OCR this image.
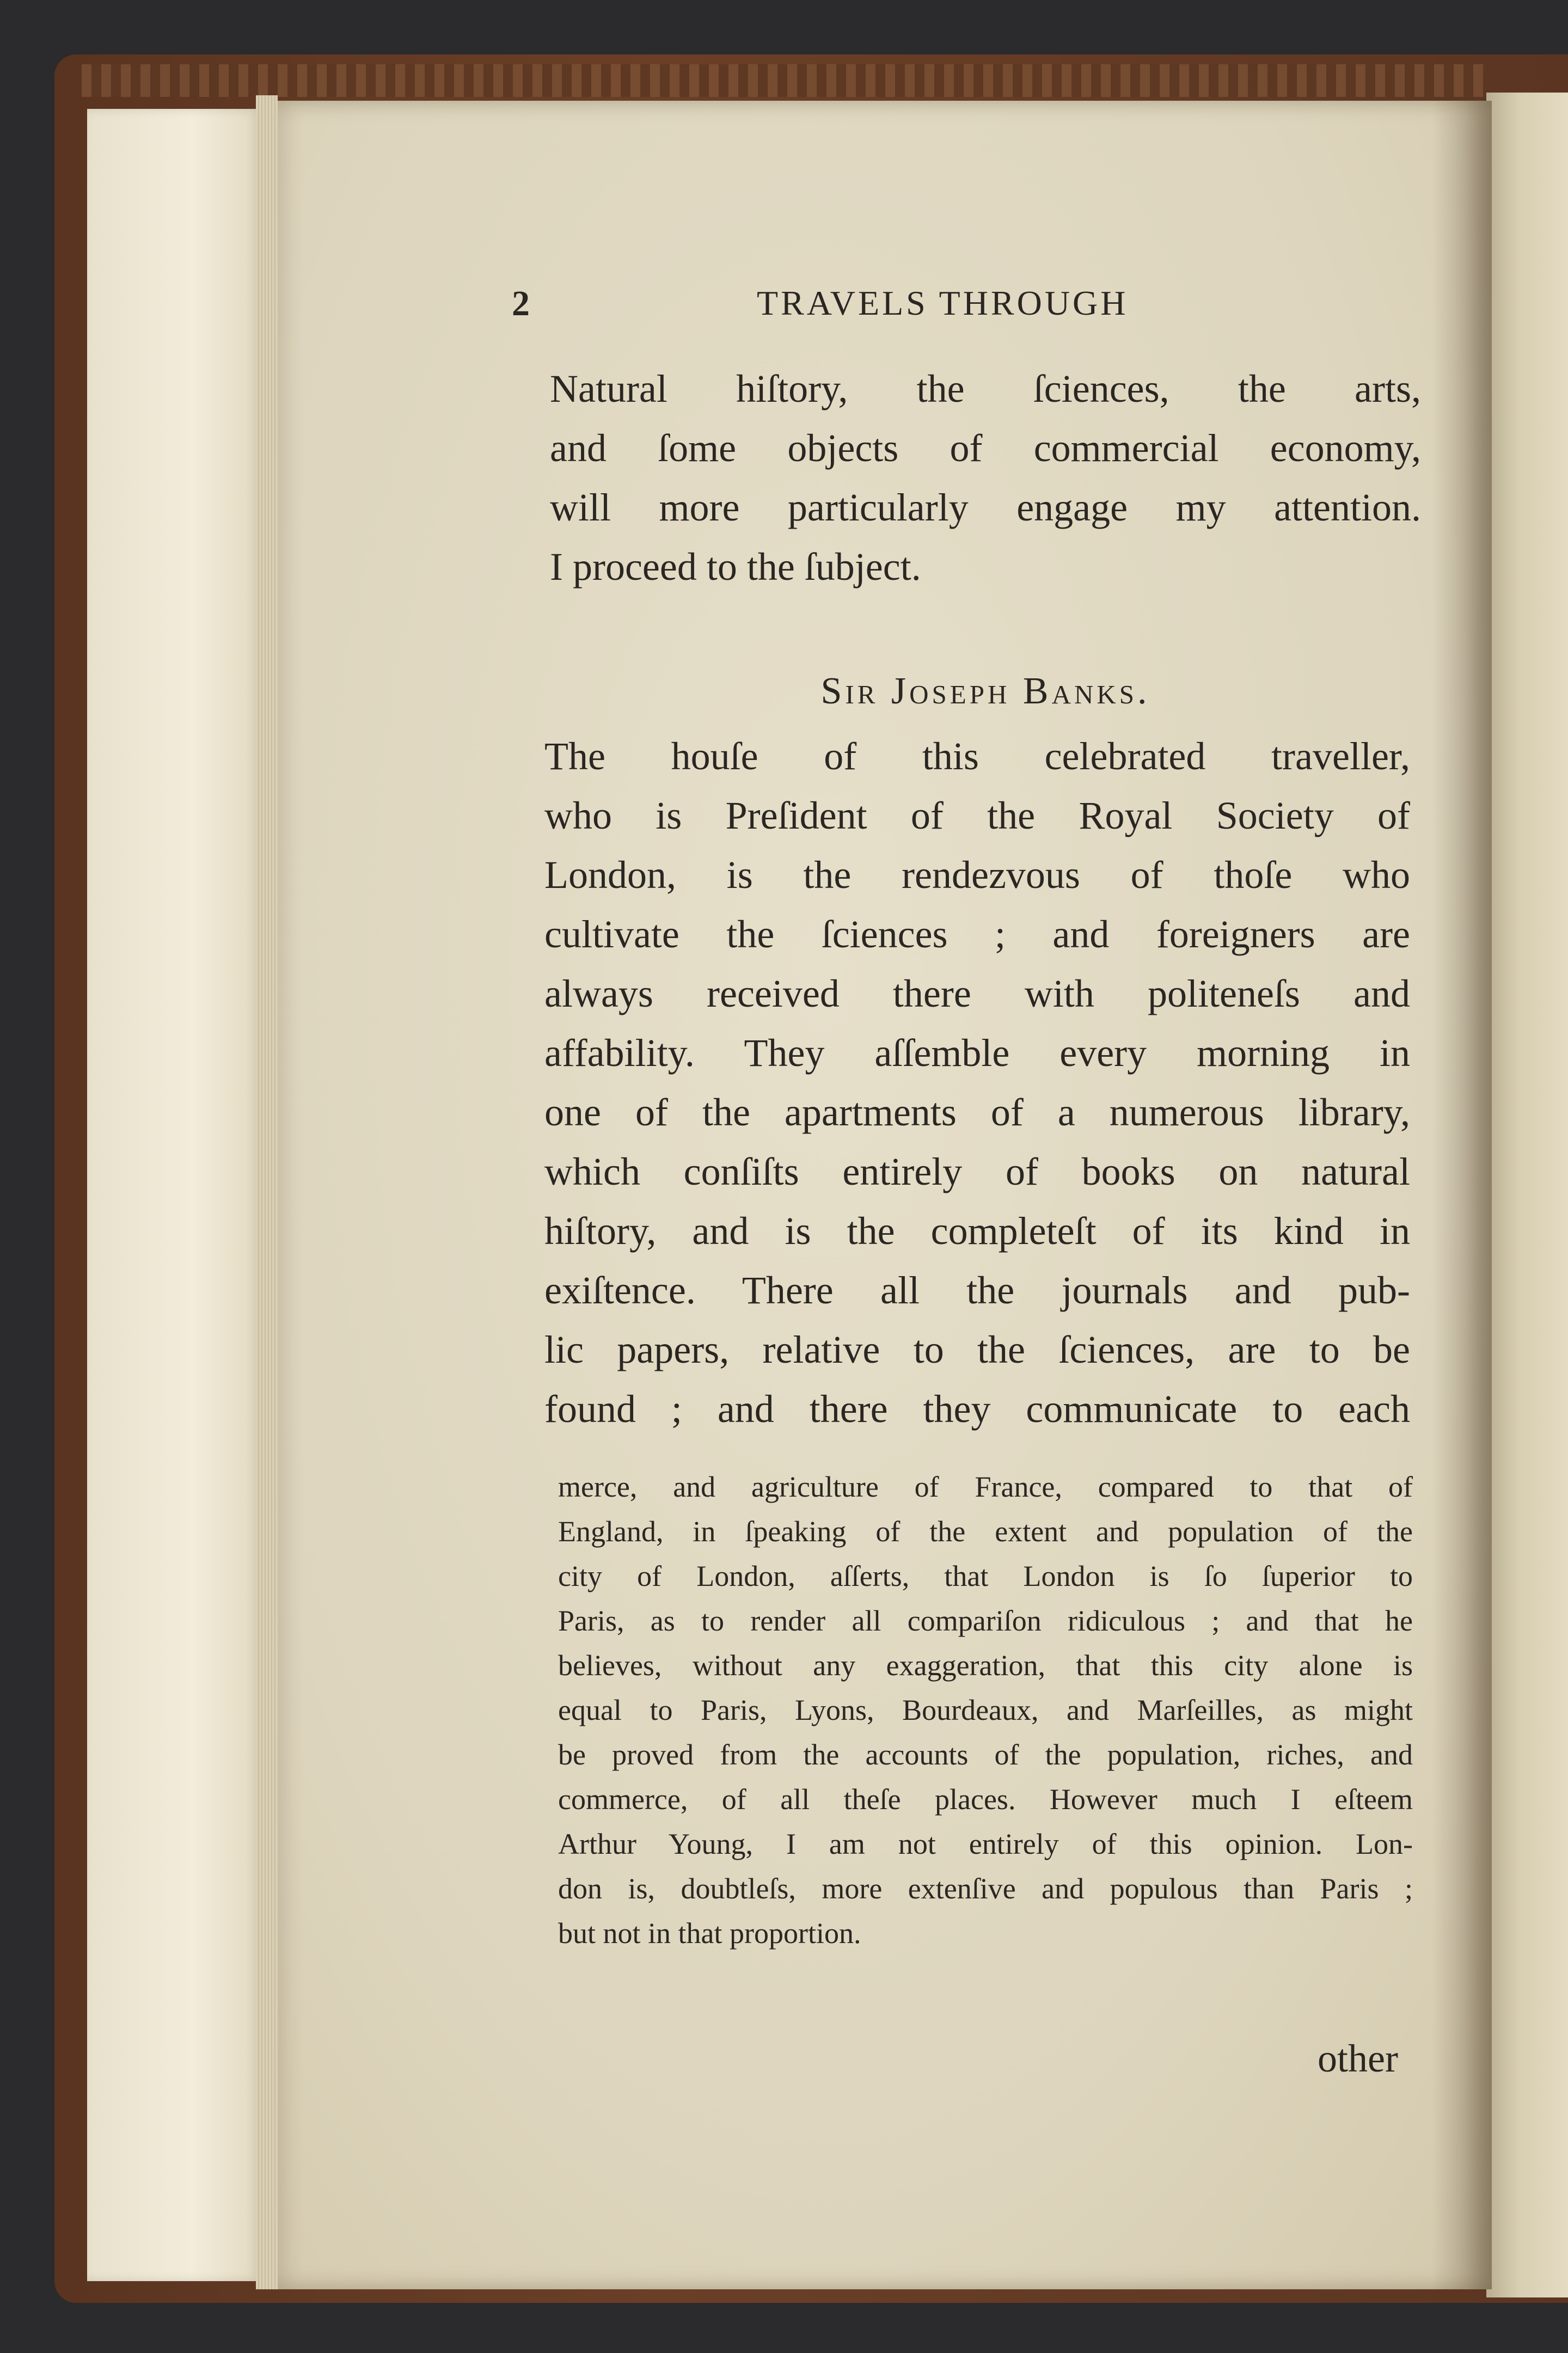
2	TRAVELS THROUGH
Natural hiſtory, the ſciences, the arts,
and ſome objects of commercial economy,
will more particularly engage my attention.
I proceed to the ſubject.
Sir Joseph Banks.
The houſe of this celebrated traveller,
who is Preſident of the Royal Society of
London, is the rendezvous of thoſe who
cultivate the ſciences ; and foreigners are
always received there with politeneſs and
affability. They aſſemble every morning in
one of the apartments of a numerous library,
which conſiſts entirely of books on natural
hiſtory, and is the completeſt of its kind in
exiſtence. There all the journals and pub-
lic papers, relative to the ſciences, are to be
found ; and there they communicate to each
merce, and agriculture of France, compared to that of
England, in ſpeaking of the extent and population of the
city of London, aſſerts, that London is ſo ſuperior to
Paris, as to render all compariſon ridiculous ; and that he
believes, without any exaggeration, that this city alone is
equal to Paris, Lyons, Bourdeaux, and Marſeilles, as might
be proved from the accounts of the population, riches, and
commerce, of all theſe places. However much I eſteem
Arthur Young, I am not entirely of this opinion. Lon-
don is, doubtleſs, more extenſive and populous than Paris ;
but not in that proportion.
other
